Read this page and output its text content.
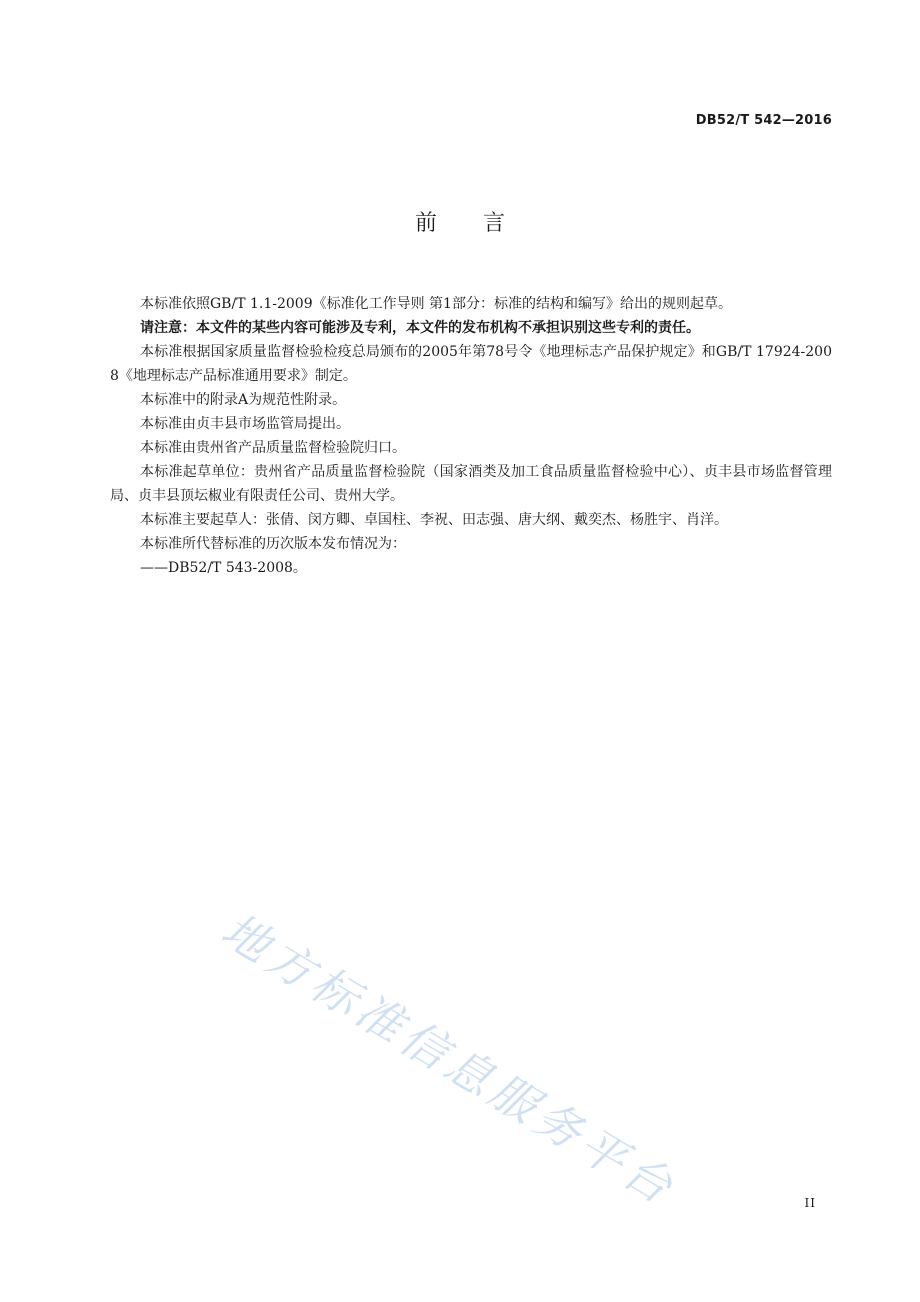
DB52/T 542—2016
前 言

本标准依照GB/T 1.1-2009《标准化工作导则 第1部分：标准的结构和编写》给出的规则起草。

请注意：本文件的某些内容可能涉及专利，本文件的发布机构不承担识别这些专利的责任。

本标准根据国家质量监督检验检疫总局颁布的2005年第78号令《地理标志产品保护规定》和GB/T 17924-2008《地理标志产品标准通用要求》制定。

本标准中的附录A为规范性附录。

本标准由贞丰县市场监管局提出。

本标准由贵州省产品质量监督检验院归口。

本标准起草单位：贵州省产品质量监督检验院（国家酒类及加工食品质量监督检验中心）、贞丰县市场监督管理局、贞丰县顶坛椒业有限责任公司、贵州大学。

本标准主要起草人：张倩、闵方卿、卓国柱、李祝、田志强、唐大纲、戴奕杰、杨胜宇、肖洋。

本标准所代替标准的历次版本发布情况为：

——DB52/T 543-2008。

地方标准信息服务平台	II
